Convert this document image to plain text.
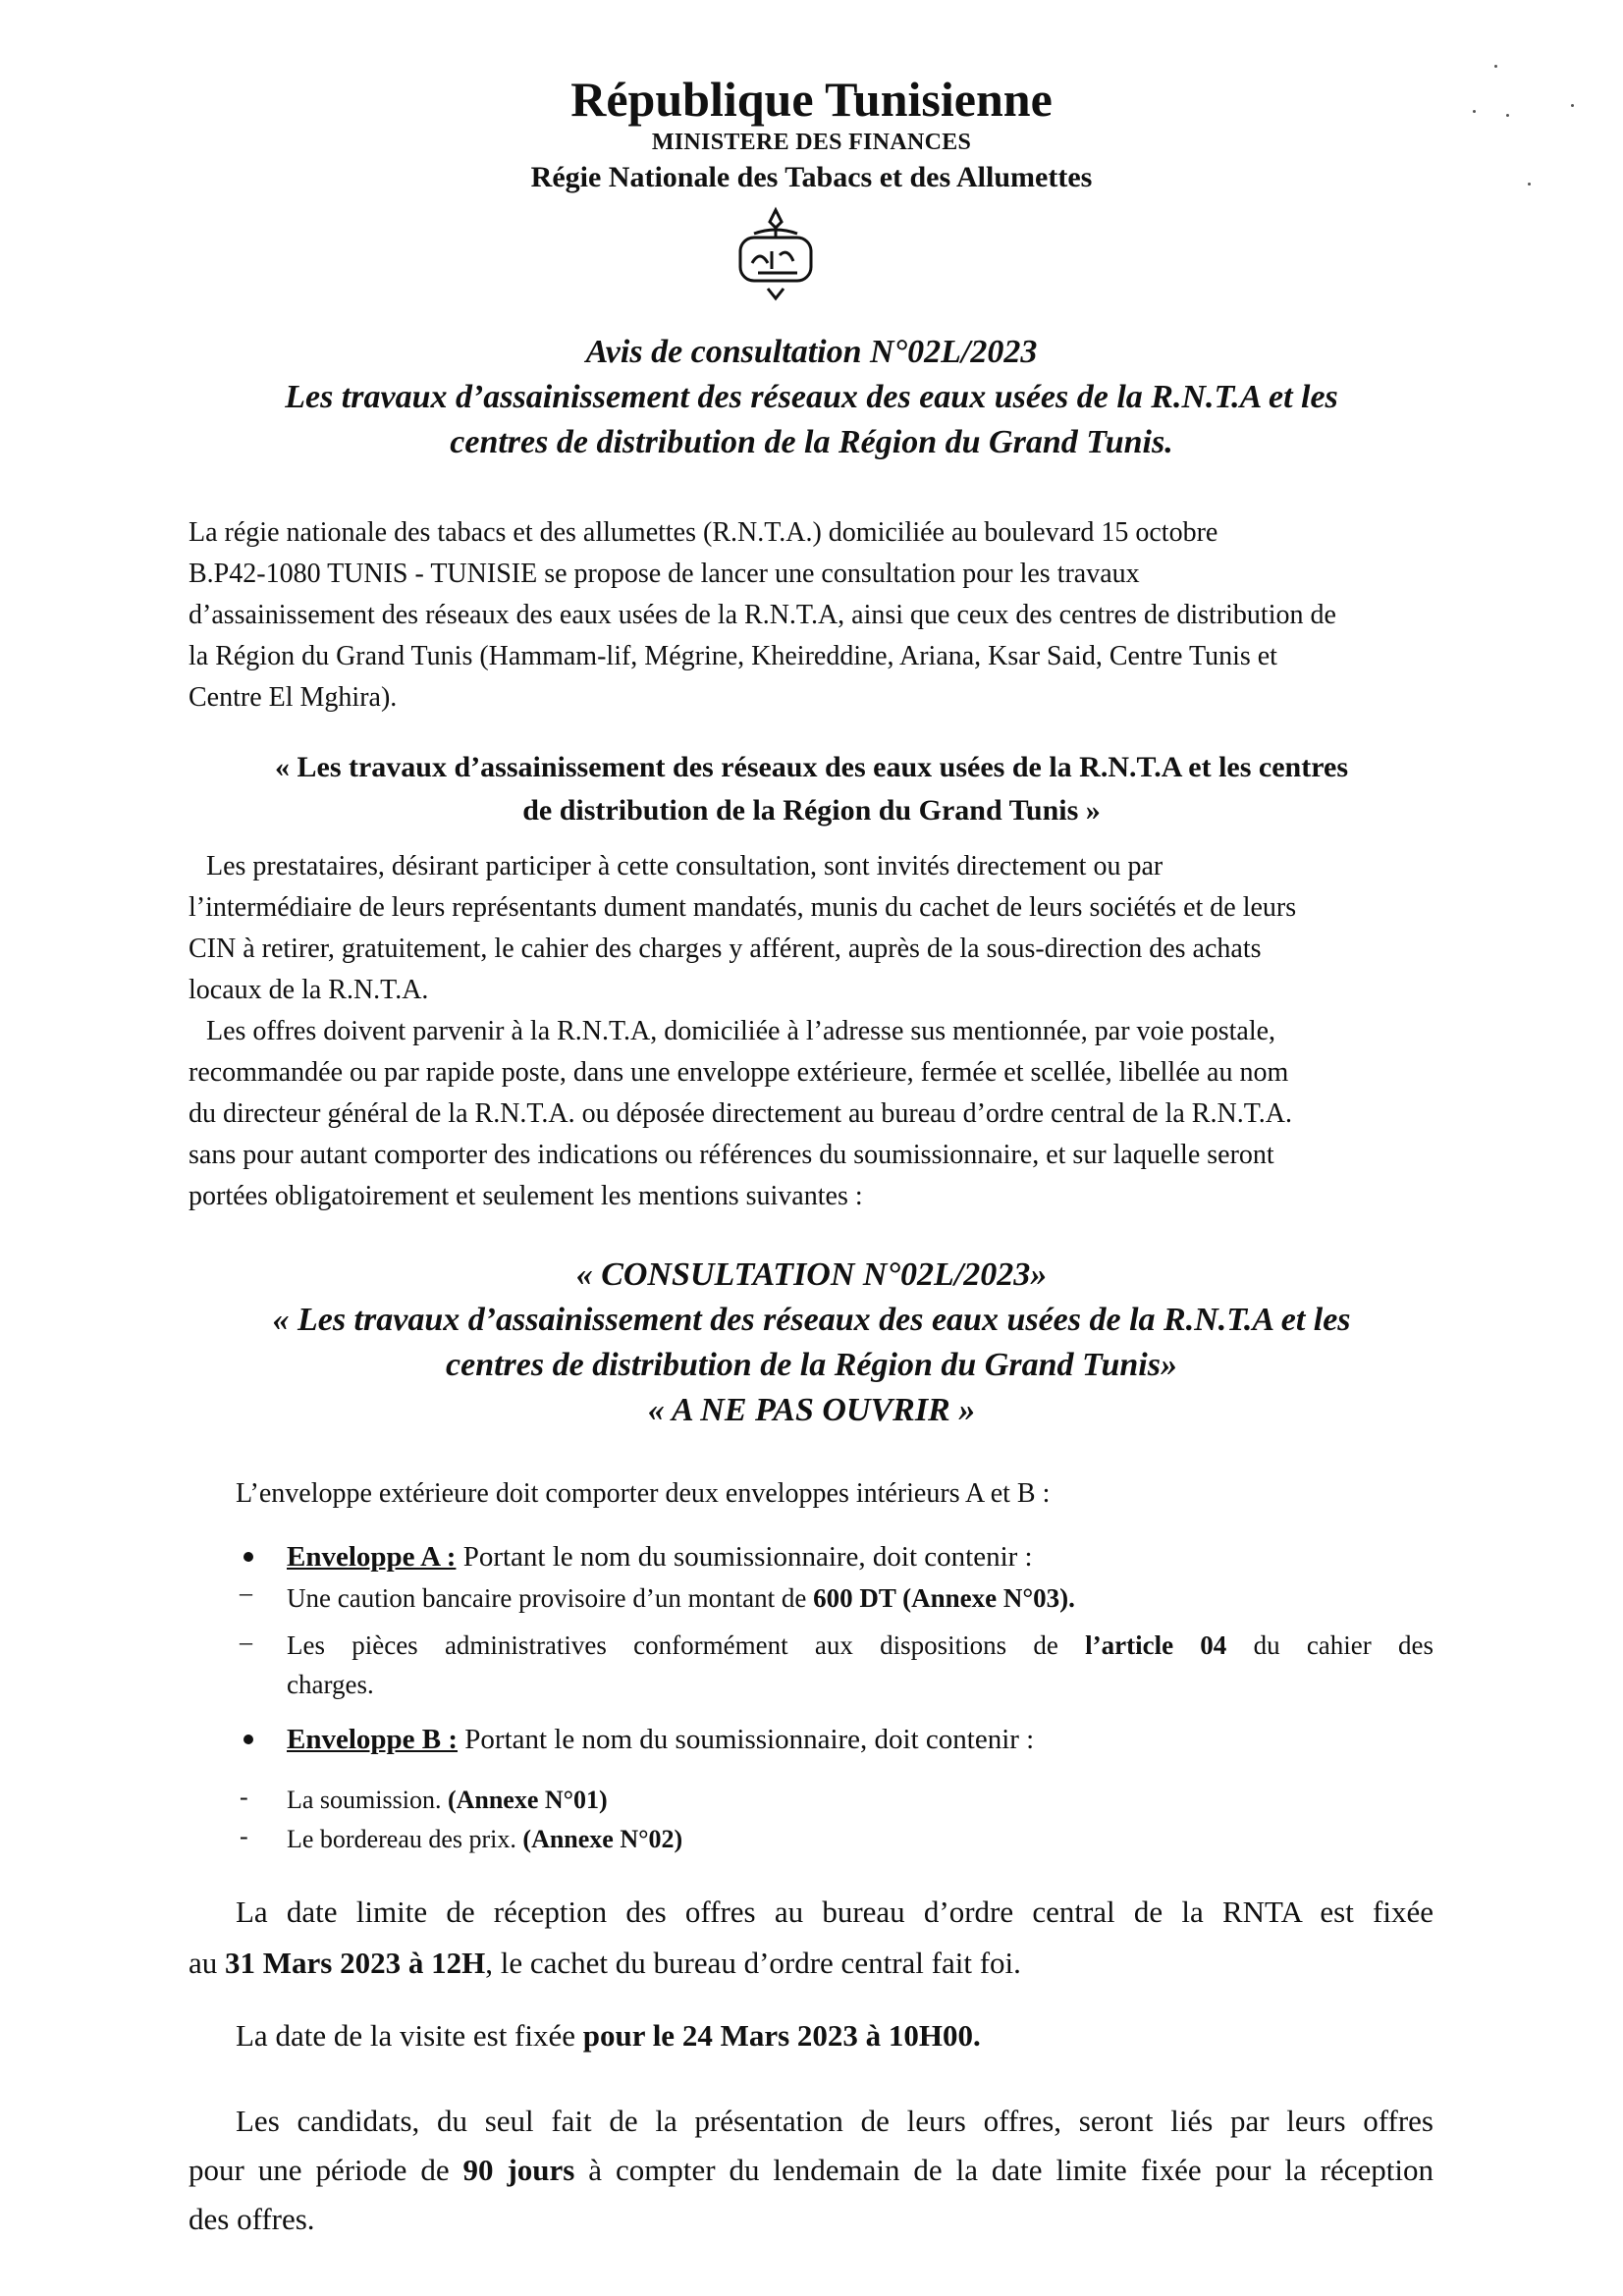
République Tunisienne
MINISTERE DES FINANCES
Régie Nationale des Tabacs et des Allumettes
Avis de consultation N°02L/2023
Les travaux d’assainissement des réseaux des eaux usées de la R.N.T.A et les
centres de distribution de la Région du Grand Tunis.
La régie nationale des tabacs et des allumettes (R.N.T.A.) domiciliée au boulevard 15 octobre
B.P42-1080 TUNIS - TUNISIE se propose de lancer une consultation pour les travaux
d’assainissement des réseaux des eaux usées de la R.N.T.A, ainsi que ceux des centres de distribution de
la Région du Grand Tunis (Hammam-lif, Mégrine, Kheireddine, Ariana, Ksar Said, Centre Tunis et
Centre El Mghira).
« Les travaux d’assainissement des réseaux des eaux usées de la R.N.T.A et les centres
de distribution de la Région du Grand Tunis »
Les prestataires, désirant participer à cette consultation, sont invités directement ou par
l’intermédiaire de leurs représentants dument mandatés, munis du cachet de leurs sociétés et de leurs
CIN à retirer, gratuitement, le cahier des charges y afférent, auprès de la sous-direction des achats
locaux de la R.N.T.A.
Les offres doivent parvenir à la R.N.T.A, domiciliée à l’adresse sus mentionnée, par voie postale,
recommandée ou par rapide poste, dans une enveloppe extérieure, fermée et scellée, libellée au nom
du directeur général de la R.N.T.A. ou déposée directement au bureau d’ordre central de la R.N.T.A.
sans pour autant comporter des indications ou références du soumissionnaire, et sur laquelle seront
portées obligatoirement et seulement les mentions suivantes :
« CONSULTATION N°02L/2023»
« Les travaux d’assainissement des réseaux des eaux usées de la R.N.T.A et les
centres de distribution de la Région du Grand Tunis»
« A NE PAS OUVRIR »
L’enveloppe extérieure doit comporter deux enveloppes intérieurs A et B :
Enveloppe A : Portant le nom du soumissionnaire, doit contenir :
– Une caution bancaire provisoire d’un montant de 600 DT (Annexe N°03).
– Les pièces administratives conformément aux dispositions de l’article 04 du cahier des
charges.
Enveloppe B : Portant le nom du soumissionnaire, doit contenir :
- La soumission. (Annexe N°01)
- Le bordereau des prix. (Annexe N°02)
La date limite de réception des offres au bureau d’ordre central de la RNTA est fixée
au 31 Mars 2023 à 12H, le cachet du bureau d’ordre central fait foi.
La date de la visite est fixée pour le 24 Mars 2023 à 10H00.
Les candidats, du seul fait de la présentation de leurs offres, seront liés par leurs offres
pour une période de 90 jours à compter du lendemain de la date limite fixée pour la réception
des offres.
